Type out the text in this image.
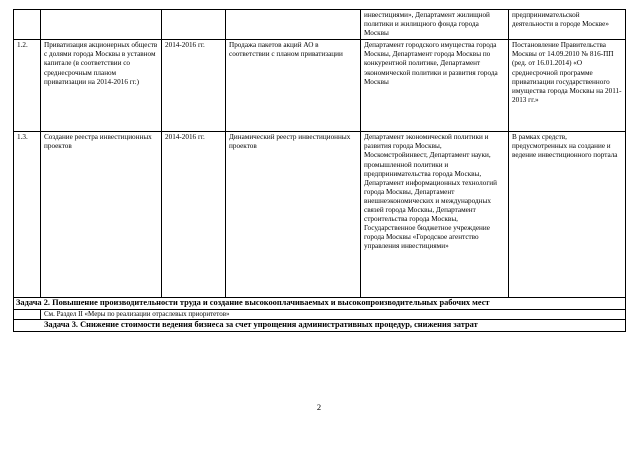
				инвестициями», Департамент жилищной политики и жилищного фонда города Москвы	предпринимательской деятельности в городе Москве»
1.2.	Приватизация акционерных обществ с долями города Москвы в уставном капитале (в соответствии со среднесрочным планом приватизации на 2014-2016 гг.)	2014-2016 гг.	Продажа пакетов акций АО в соответствии с планом приватизации	Департамент городского имущества города Москвы, Департамент города Москвы по конкурентной политике, Департамент экономической политики и развития города Москвы	Постановление Правительства Москвы от 14.09.2010 № 816-ПП (ред. от 16.01.2014) «О среднесрочной программе приватизации государственного имущества города Москвы на 2011-2013 гг.»
1.3.	Создание реестра инвестиционных проектов	2014-2016 гг.	Динамический реестр инвестиционных проектов	Департамент экономической политики и развития города Москвы, Москомстройинвест, Департамент науки, промышленной политики и предпринимательства города Москвы, Департамент информационных технологий города Москвы, Департамент внешнеэкономических и международных связей города Москвы, Департамент строительства города Москвы, Государственное бюджетное учреждение города Москвы «Городское агентство управления инвестициями»	В рамках средств, предусмотренных на создание и ведение инвестиционного портала
Задача 2. Повышение производительности труда и создание высокооплачиваемых и высокопроизводительных рабочих мест					
	См. Раздел II «Меры по реализации отраслевых приоритетов»				
Задача 3. Снижение стоимости ведения бизнеса за счет упрощения административных процедур, снижения затрат					
2
